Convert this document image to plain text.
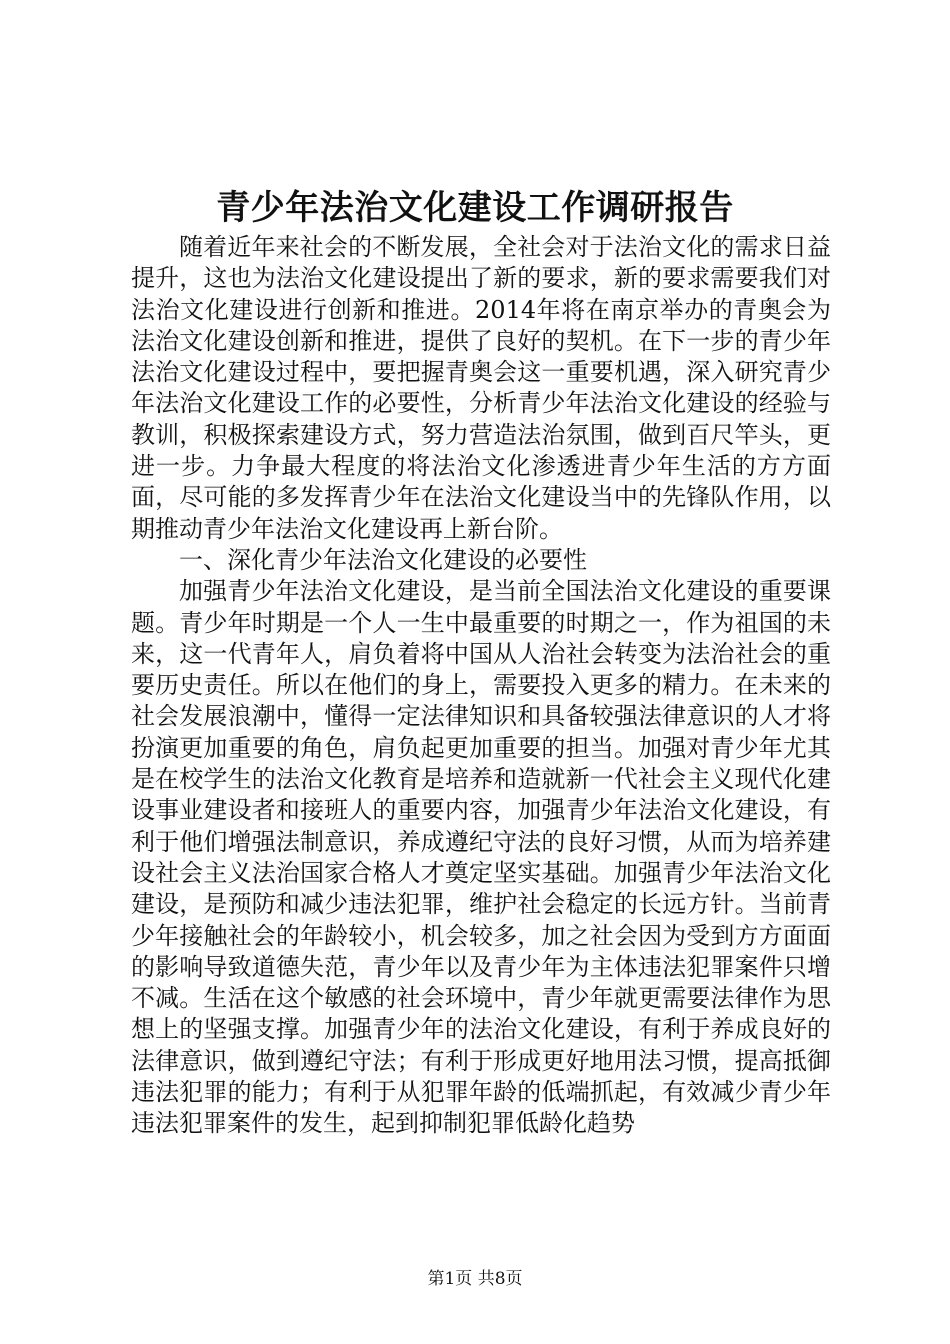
青少年法治文化建设工作调研报告

随着近年来社会的不断发展，全社会对于法治文化的需求日益提升，这也为法治文化建设提出了新的要求，新的要求需要我们对法治文化建设进行创新和推进。2014年将在南京举办的青奥会为法治文化建设创新和推进，提供了良好的契机。在下一步的青少年法治文化建设过程中，要把握青奥会这一重要机遇，深入研究青少年法治文化建设工作的必要性，分析青少年法治文化建设的经验与教训，积极探索建设方式，努力营造法治氛围，做到百尺竿头，更进一步。力争最大程度的将法治文化渗透进青少年生活的方方面面，尽可能的多发挥青少年在法治文化建设当中的先锋队作用，以期推动青少年法治文化建设再上新台阶。

一、深化青少年法治文化建设的必要性

加强青少年法治文化建设，是当前全国法治文化建设的重要课题。青少年时期是一个人一生中最重要的时期之一，作为祖国的未来，这一代青年人，肩负着将中国从人治社会转变为法治社会的重要历史责任。所以在他们的身上，需要投入更多的精力。在未来的社会发展浪潮中，懂得一定法律知识和具备较强法律意识的人才将扮演更加重要的角色，肩负起更加重要的担当。加强对青少年尤其是在校学生的法治文化教育是培养和造就新一代社会主义现代化建设事业建设者和接班人的重要内容，加强青少年法治文化建设，有利于他们增强法制意识，养成遵纪守法的良好习惯，从而为培养建设社会主义法治国家合格人才奠定坚实基础。加强青少年法治文化建设，是预防和减少违法犯罪，维护社会稳定的长远方针。当前青少年接触社会的年龄较小，机会较多，加之社会因为受到方方面面的影响导致道德失范，青少年以及青少年为主体违法犯罪案件只增不减。生活在这个敏感的社会环境中，青少年就更需要法律作为思想上的坚强支撑。加强青少年的法治文化建设，有利于养成良好的法律意识，做到遵纪守法；有利于形成更好地用法习惯，提高抵御违法犯罪的能力；有利于从犯罪年龄的低端抓起，有效减少青少年违法犯罪案件的发生，起到抑制犯罪低龄化趋势

第1页 共8页
